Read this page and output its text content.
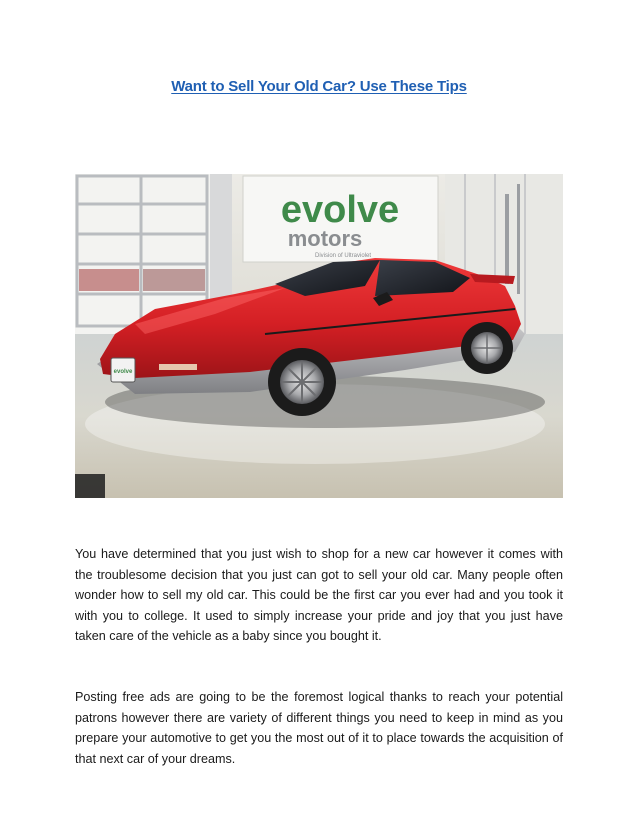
Want to Sell Your Old Car? Use These Tips
evolve
motors
Division of Ultraviolet
evolve

You have determined that you just wish to shop for a new car however it comes with the troublesome decision that you just can got to sell your old car. Many people often wonder how to sell my old car. This could be the first car you ever had and you took it with you to college. It used to simply increase your pride and joy that you just have taken care of the vehicle as a baby since you bought it.

Posting free ads are going to be the foremost logical thanks to reach your potential patrons however there are variety of different things you need to keep in mind as you prepare your automotive to get you the most out of it to place towards the acquisition of that next car of your dreams.
